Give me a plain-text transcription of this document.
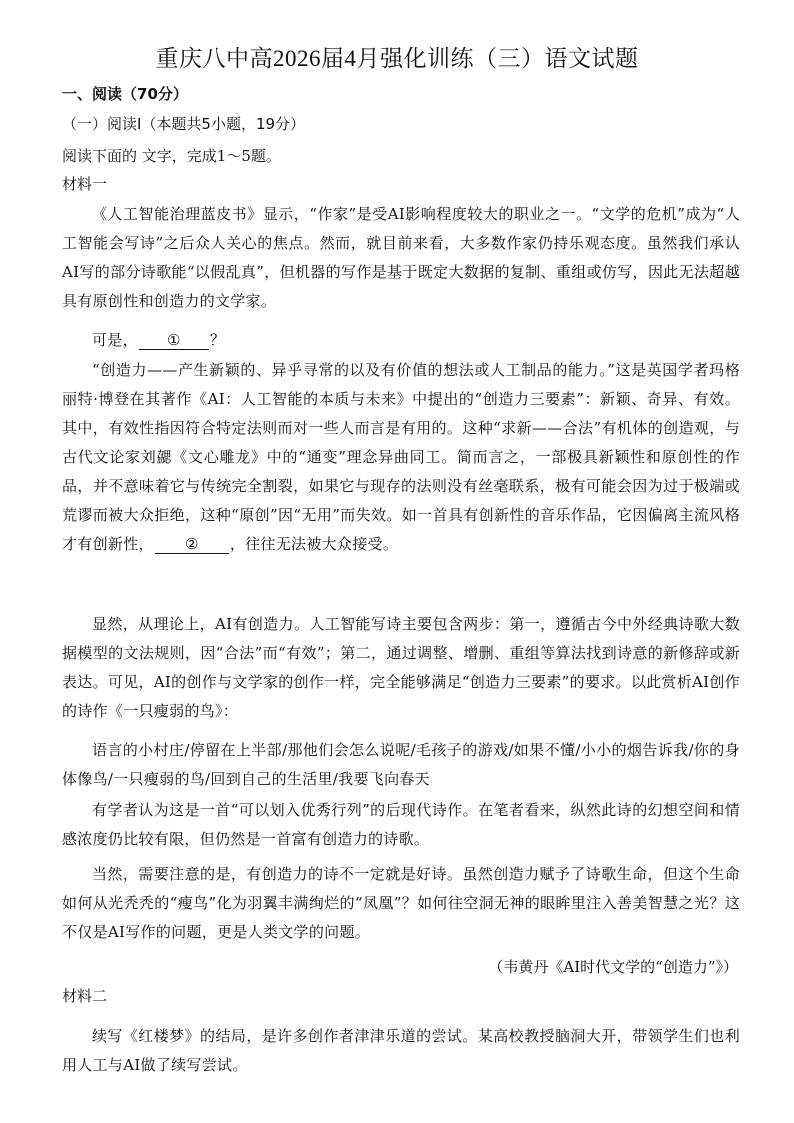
重庆八中高2026届4月强化训练（三）语文试题
一、阅读（70分）
（一）阅读Ⅰ（本题共5小题，19分）
阅读下面的 文字，完成1～5题。
材料一
《人工智能治理蓝皮书》显示，“作家”是受AI影响程度较大的职业之一。“文学的危机”成为“人工智能会写诗”之后众人关心的焦点。然而，就目前来看，大多数作家仍持乐观态度。虽然我们承认AI写的部分诗歌能“以假乱真”，但机器的写作是基于既定大数据的复制、重组或仿写，因此无法超越具有原创性和创造力的文学家。
可是， ① ？
“创造力——产生新颖的、异乎寻常的以及有价值的想法或人工制品的能力。”这是英国学者玛格丽特·博登在其著作《AI：人工智能的本质与未来》中提出的“创造力三要素”：新颖、奇异、有效。其中，有效性指因符合特定法则而对一些人而言是有用的。这种“求新——合法”有机体的创造观，与古代文论家刘勰《文心雕龙》中的“通变”理念异曲同工。简而言之，一部极具新颖性和原创性的作品，并不意味着它与传统完全割裂，如果它与现存的法则没有丝毫联系，极有可能会因为过于极端或荒谬而被大众拒绝，这种“原创”因“无用”而失效。如一首具有创新性的音乐作品，它因偏离主流风格才有创新性， ② ，往往无法被大众接受。
显然，从理论上，AI有创造力。人工智能写诗主要包含两步：第一，遵循古今中外经典诗歌大数据模型的文法规则，因“合法”而“有效”；第二，通过调整、增删、重组等算法找到诗意的新修辞或新表达。可见，AI的创作与文学家的创作一样，完全能够满足“创造力三要素”的要求。以此赏析AI创作的诗作《一只瘦弱的鸟》：
语言的小村庄/停留在上半部/那他们会怎么说呢/毛孩子的游戏/如果不懂/小小的烟告诉我/你的身体像鸟/一只瘦弱的鸟/回到自己的生活里/我要飞向春天
有学者认为这是一首“可以划入优秀行列”的后现代诗作。在笔者看来，纵然此诗的幻想空间和情感浓度仍比较有限，但仍然是一首富有创造力的诗歌。
当然，需要注意的是，有创造力的诗不一定就是好诗。虽然创造力赋予了诗歌生命，但这个生命如何从光秃秃的“瘦鸟”化为羽翼丰满绚烂的“凤凰”？如何往空洞无神的眼眸里注入善美智慧之光？这不仅是AI写作的问题，更是人类文学的问题。
（韦黄丹《AI时代文学的“创造力”》）
材料二
续写《红楼梦》的结局，是许多创作者津津乐道的尝试。某高校教授脑洞大开，带领学生们也利用人工与AI做了续写尝试。
